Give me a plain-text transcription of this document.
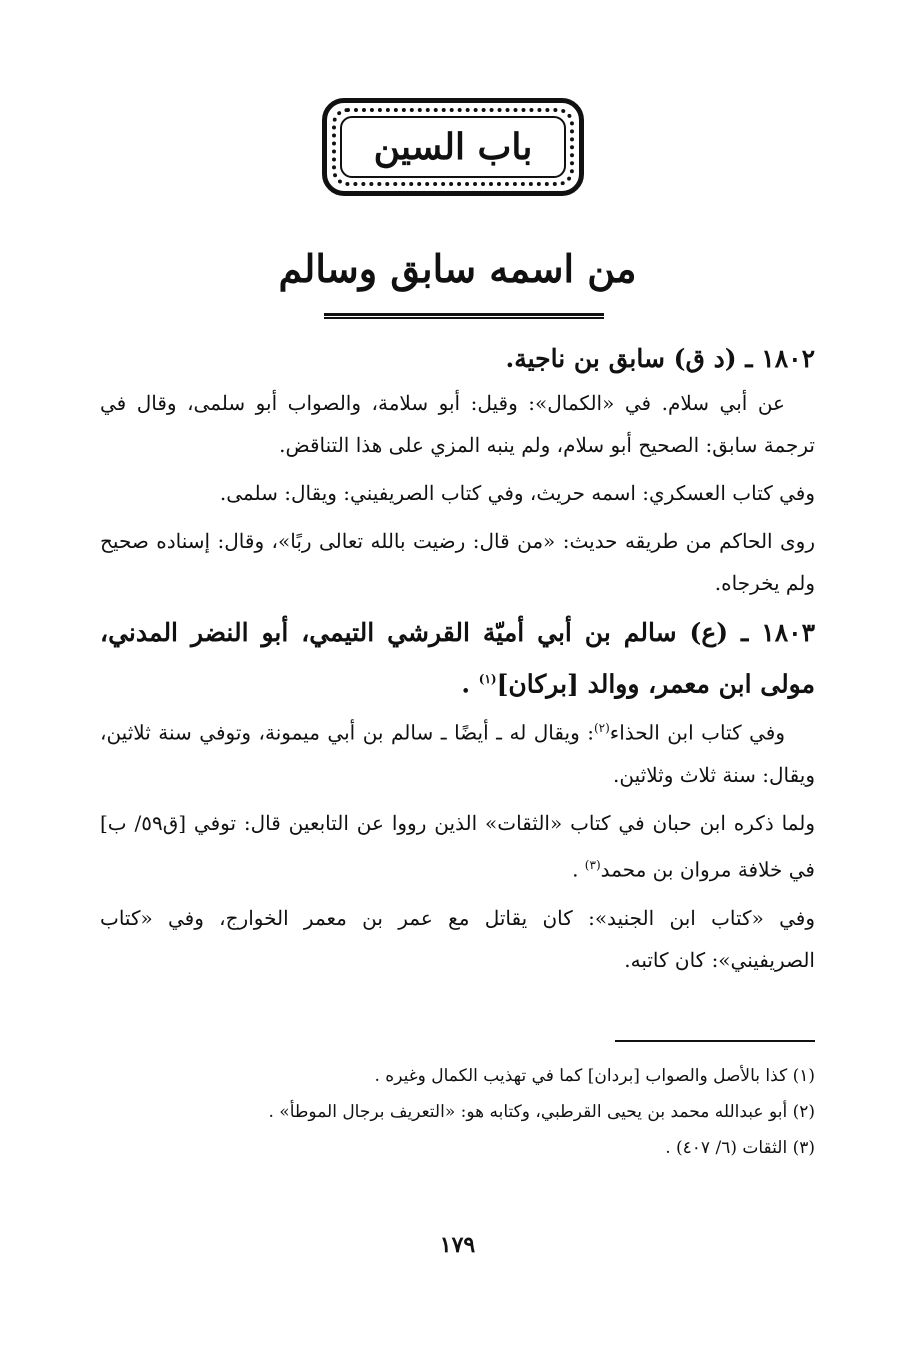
باب السين
من اسمه سابق وسالم

١٨٠٢ ـ (د ق) سابق بن ناجية.

عن أبي سلام. في «الكمال»: وقيل: أبو سلامة، والصواب أبو سلمى، وقال في ترجمة سابق: الصحيح أبو سلام، ولم ينبه المزي على هذا التناقض.

وفي كتاب العسكري: اسمه حريث، وفي كتاب الصريفيني: ويقال: سلمى.

روى الحاكم من طريقه حديث: «من قال: رضيت بالله تعالى ربًا»، وقال: إسناده صحيح ولم يخرجاه.

١٨٠٣ ـ (ع) سالم بن أبي أميّة القرشي التيمي، أبو النضر المدني، مولى ابن معمر، ووالد [بركان]$^{(١)}$ .

وفي كتاب ابن الحذاء$^{(٢)}$: ويقال له ـ أيضًا ـ سالم بن أبي ميمونة، وتوفي سنة ثلاثين، ويقال: سنة ثلاث وثلاثين.

ولما ذكره ابن حبان في كتاب «الثقات» الذين رووا عن التابعين قال: توفي [ق٥٩/ ب] في خلافة مروان بن محمد$^{(٣)}$ .

وفي «كتاب ابن الجنيد»: كان يقاتل مع عمر بن معمر الخوارج، وفي «كتاب الصريفيني»: كان كاتبه.

(١) كذا بالأصل والصواب [بردان] كما في تهذيب الكمال وغيره .

(٢) أبو عبدالله محمد بن يحيى القرطبي، وكتابه هو: «التعريف برجال الموطأ» .

(٣) الثقات (٦/ ٤٠٧) .

١٧٩
